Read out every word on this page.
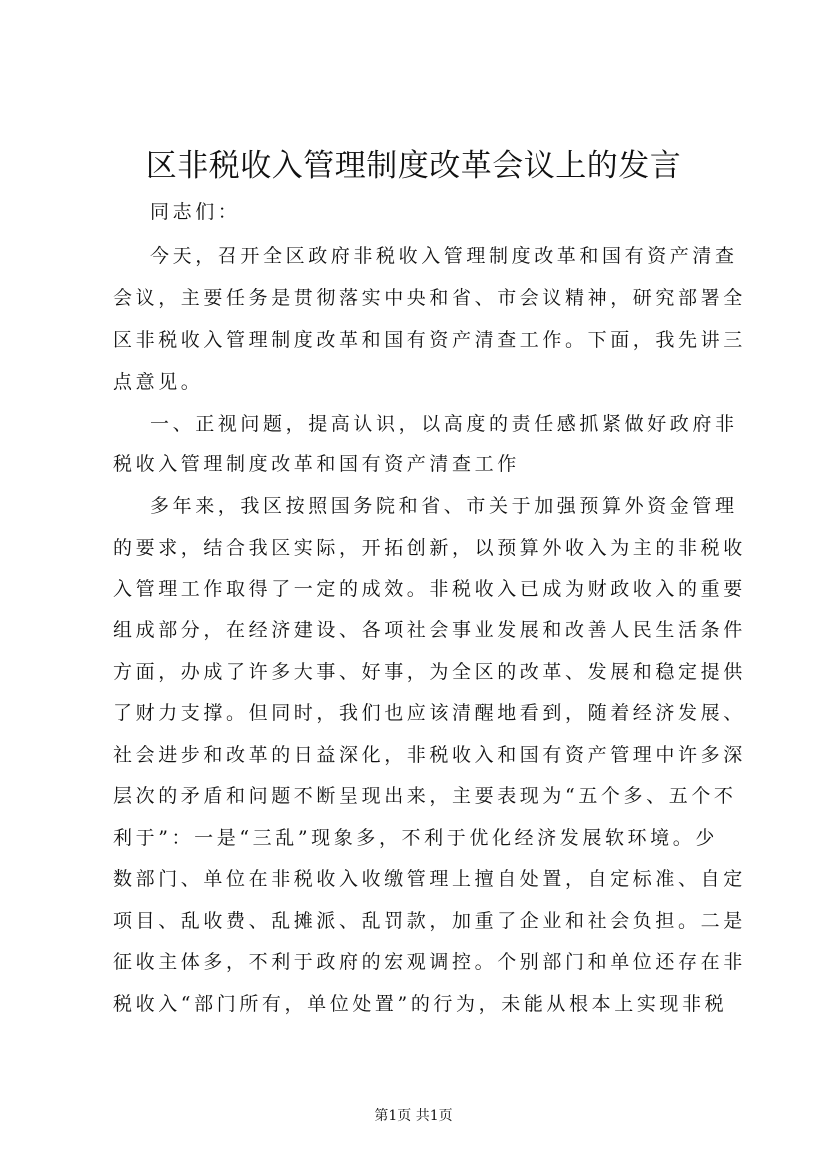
区非税收入管理制度改革会议上的发言
同志们：
今天，召开全区政府非税收入管理制度改革和国有资产清查
会议，主要任务是贯彻落实中央和省、市会议精神，研究部署全
区非税收入管理制度改革和国有资产清查工作。下面，我先讲三
点意见。
一、正视问题，提高认识，以高度的责任感抓紧做好政府非
税收入管理制度改革和国有资产清查工作
多年来，我区按照国务院和省、市关于加强预算外资金管理
的要求，结合我区实际，开拓创新，以预算外收入为主的非税收
入管理工作取得了一定的成效。非税收入已成为财政收入的重要
组成部分，在经济建设、各项社会事业发展和改善人民生活条件
方面，办成了许多大事、好事，为全区的改革、发展和稳定提供
了财力支撑。但同时，我们也应该清醒地看到，随着经济发展、
社会进步和改革的日益深化，非税收入和国有资产管理中许多深
层次的矛盾和问题不断呈现出来，主要表现为“五个多、五个不
利于”：一是“三乱”现象多，不利于优化经济发展软环境。少
数部门、单位在非税收入收缴管理上擅自处置，自定标准、自定
项目、乱收费、乱摊派、乱罚款，加重了企业和社会负担。二是
征收主体多，不利于政府的宏观调控。个别部门和单位还存在非
税收入“部门所有，单位处置”的行为，未能从根本上实现非税
第1页 共1页
